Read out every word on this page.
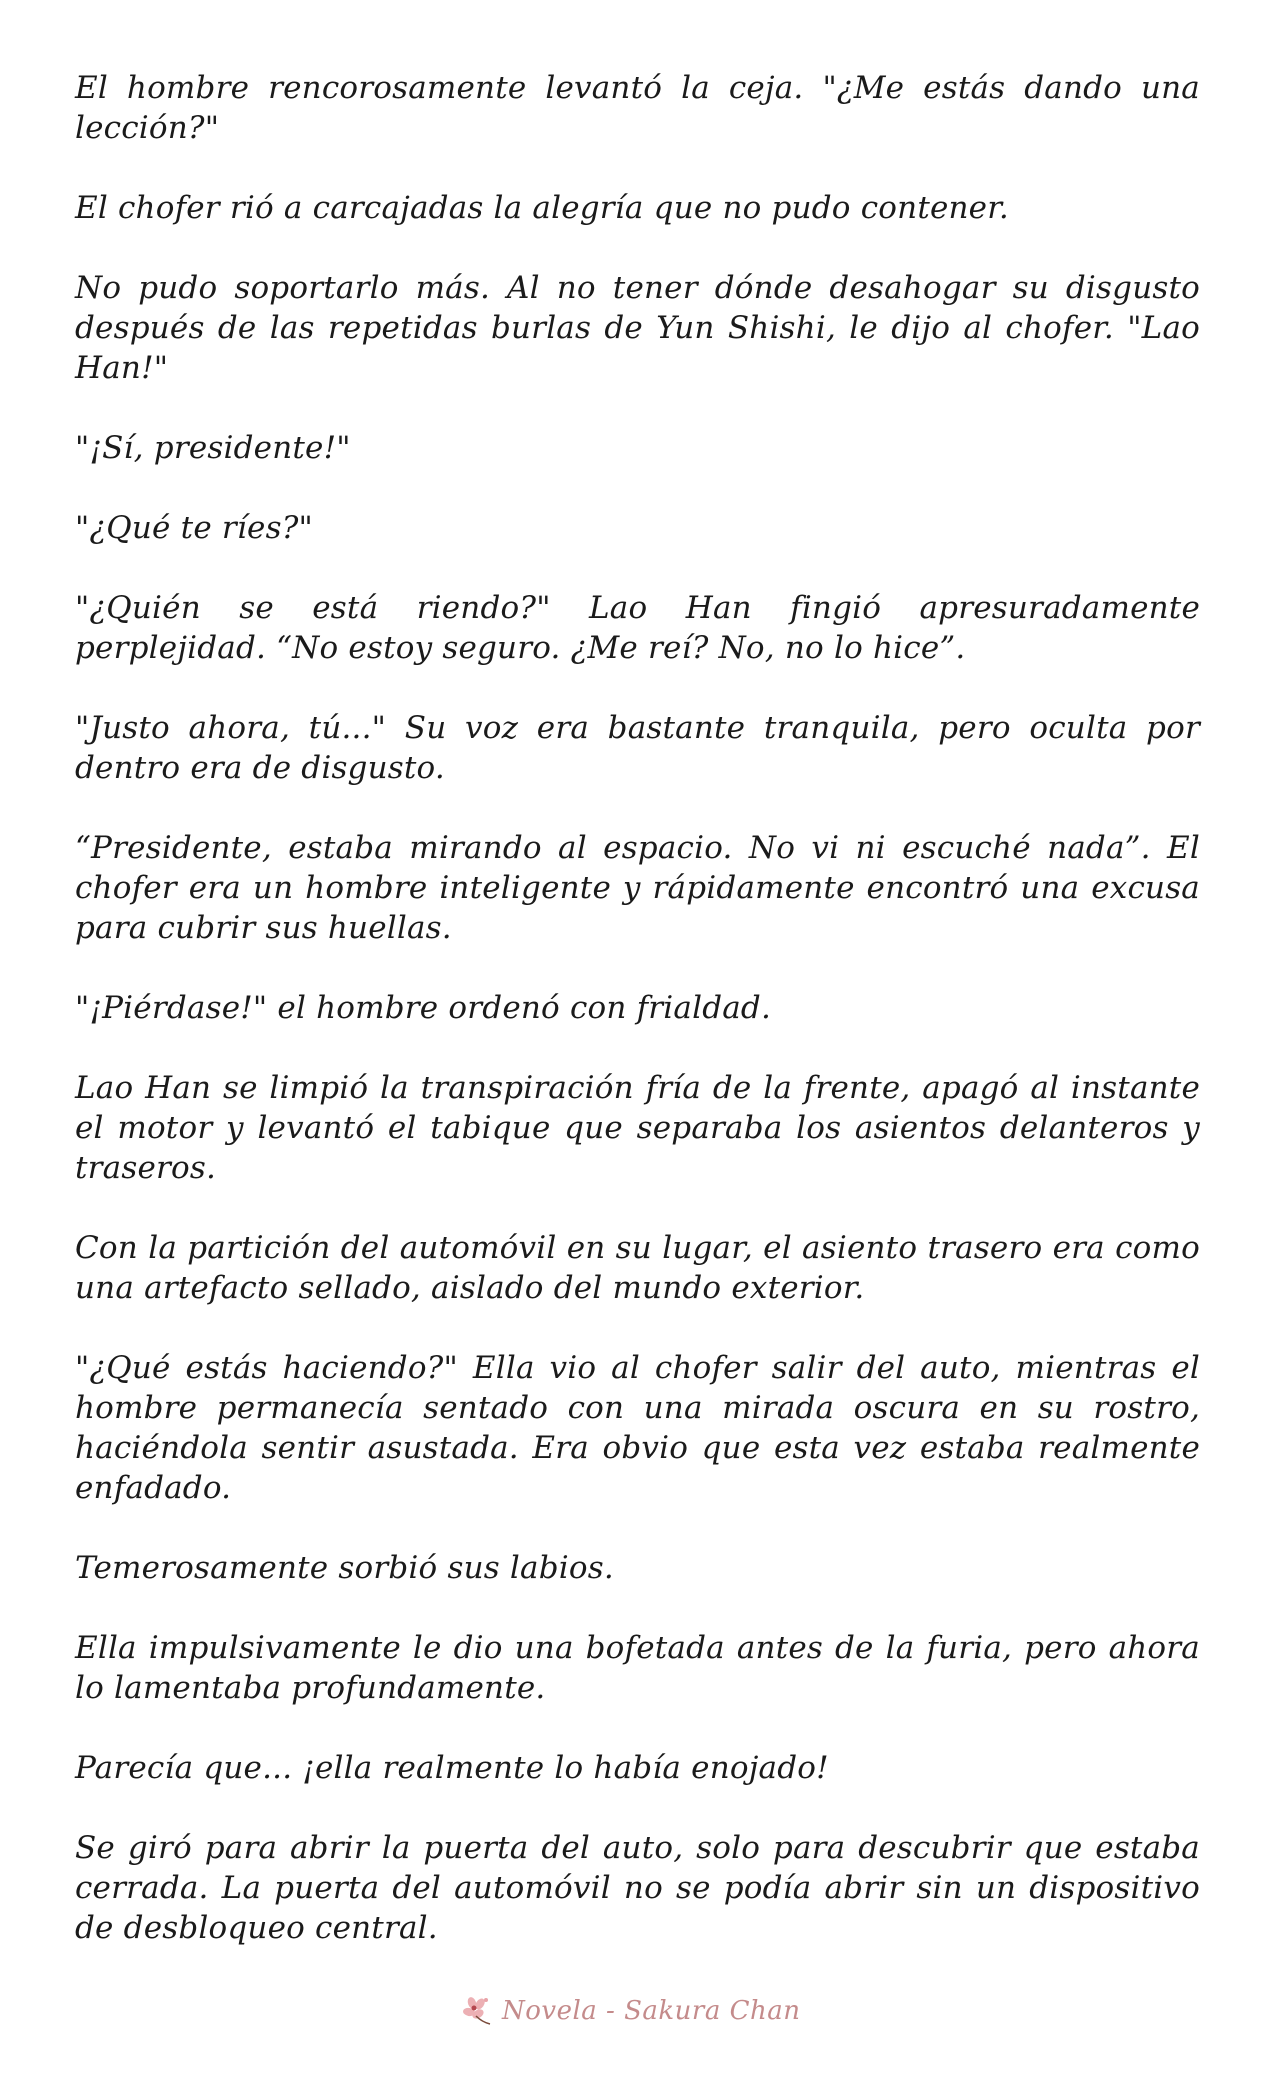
El hombre rencorosamente levantó la ceja. "¿Me estás dando una lección?"

El chofer rió a carcajadas la alegría que no pudo contener.

No pudo soportarlo más. Al no tener dónde desahogar su disgusto después de las repetidas burlas de Yun Shishi, le dijo al chofer. "Lao Han!"

"¡Sí, presidente!"

"¿Qué te ríes?"

"¿Quién se está riendo?" Lao Han fingió apresuradamente perplejidad. “No estoy seguro. ¿Me reí? No, no lo hice”.

"Justo ahora, tú..." Su voz era bastante tranquila, pero oculta por dentro era de disgusto.

“Presidente, estaba mirando al espacio. No vi ni escuché nada”. El chofer era un hombre inteligente y rápidamente encontró una excusa para cubrir sus huellas.

"¡Piérdase!" el hombre ordenó con frialdad.

Lao Han se limpió la transpiración fría de la frente, apagó al instante el motor y levantó el tabique que separaba los asientos delanteros y traseros.

Con la partición del automóvil en su lugar, el asiento trasero era como una artefacto sellado, aislado del mundo exterior.

"¿Qué estás haciendo?" Ella vio al chofer salir del auto, mientras el hombre permanecía sentado con una mirada oscura en su rostro, haciéndola sentir asustada. Era obvio que esta vez estaba realmente enfadado.

Temerosamente sorbió sus labios.

Ella impulsivamente le dio una bofetada antes de la furia, pero ahora lo lamentaba profundamente.

Parecía que... ¡ella realmente lo había enojado!

Se giró para abrir la puerta del auto, solo para descubrir que estaba cerrada. La puerta del automóvil no se podía abrir sin un dispositivo de desbloqueo central.

Novela - Sakura Chan
